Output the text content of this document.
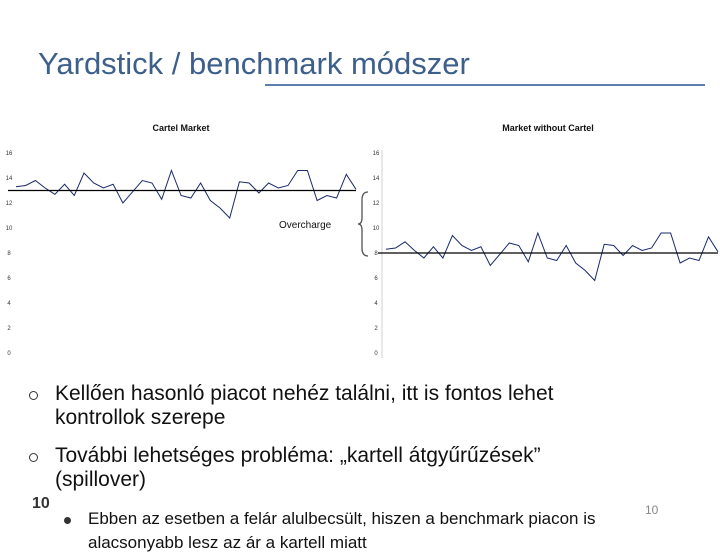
Yardstick / benchmark módszer
Cartel Market
0
2
4
6
8
10
12
14
16
Market without Cartel
0
2
4
6
8
10
12
14
16
Overcharge
Kellően hasonló piacot nehéz találni, itt is fontos lehet
kontrollok szerepe
További lehetséges probléma: „kartell átgyűrűzések”
(spillover)
10	10
Ebben az esetben a felár alulbecsült, hiszen a benchmark piacon is
alacsonyabb lesz az ár a kartell miatt
